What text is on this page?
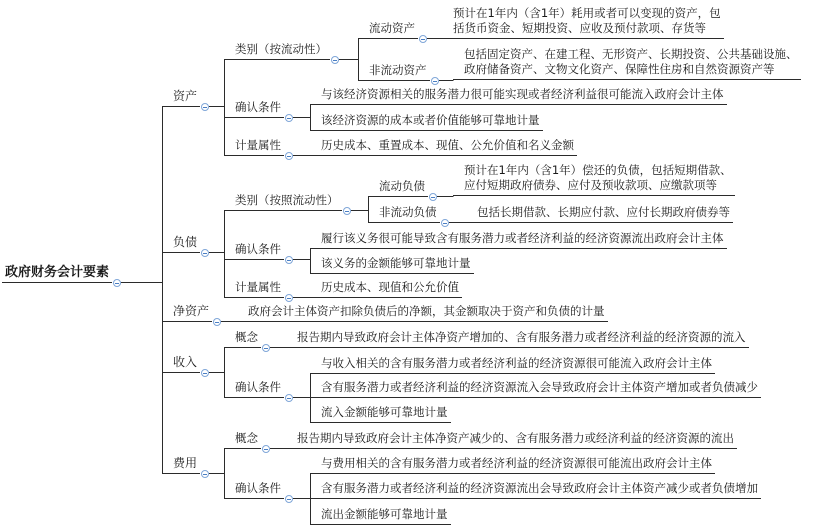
政府财务会计要素
资产
类别（按流动性）
流动资产
预计在1年内（含1年）耗用或者可以变现的资产，包
括货币资金、短期投资、应收及预付款项、存货等
非流动资产
包括固定资产、在建工程、无形资产、长期投资、公共基础设施、
政府储备资产、文物文化资产、保障性住房和自然资源资产等
确认条件
与该经济资源相关的服务潜力很可能实现或者经济利益很可能流入政府会计主体
该经济资源的成本或者价值能够可靠地计量
计量属性	历史成本、重置成本、现值、公允价值和名义金额
负债
类别（按照流动性）
流动负债
预计在1年内（含1年）偿还的负债，包括短期借款、
应付短期政府债券、应付及预收款项、应缴款项等
非流动负债	包括长期借款、长期应付款、应付长期政府债券等
确认条件
履行该义务很可能导致含有服务潜力或者经济利益的经济资源流出政府会计主体
该义务的金额能够可靠地计量
计量属性	历史成本、现值和公允价值
净资产	政府会计主体资产扣除负债后的净额，其金额取决于资产和负债的计量
收入
概念	报告期内导致政府会计主体净资产增加的、含有服务潜力或者经济利益的经济资源的流入
确认条件
与收入相关的含有服务潜力或者经济利益的经济资源很可能流入政府会计主体
含有服务潜力或者经济利益的经济资源流入会导致政府会计主体资产增加或者负债减少
流入金额能够可靠地计量
费用
概念	报告期内导致政府会计主体净资产减少的、含有服务潜力或经济利益的经济资源的流出
确认条件
与费用相关的含有服务潜力或者经济利益的经济资源很可能流出政府会计主体
含有服务潜力或者经济利益的经济资源流出会导致政府会计主体资产减少或者负债增加
流出金额能够可靠地计量
